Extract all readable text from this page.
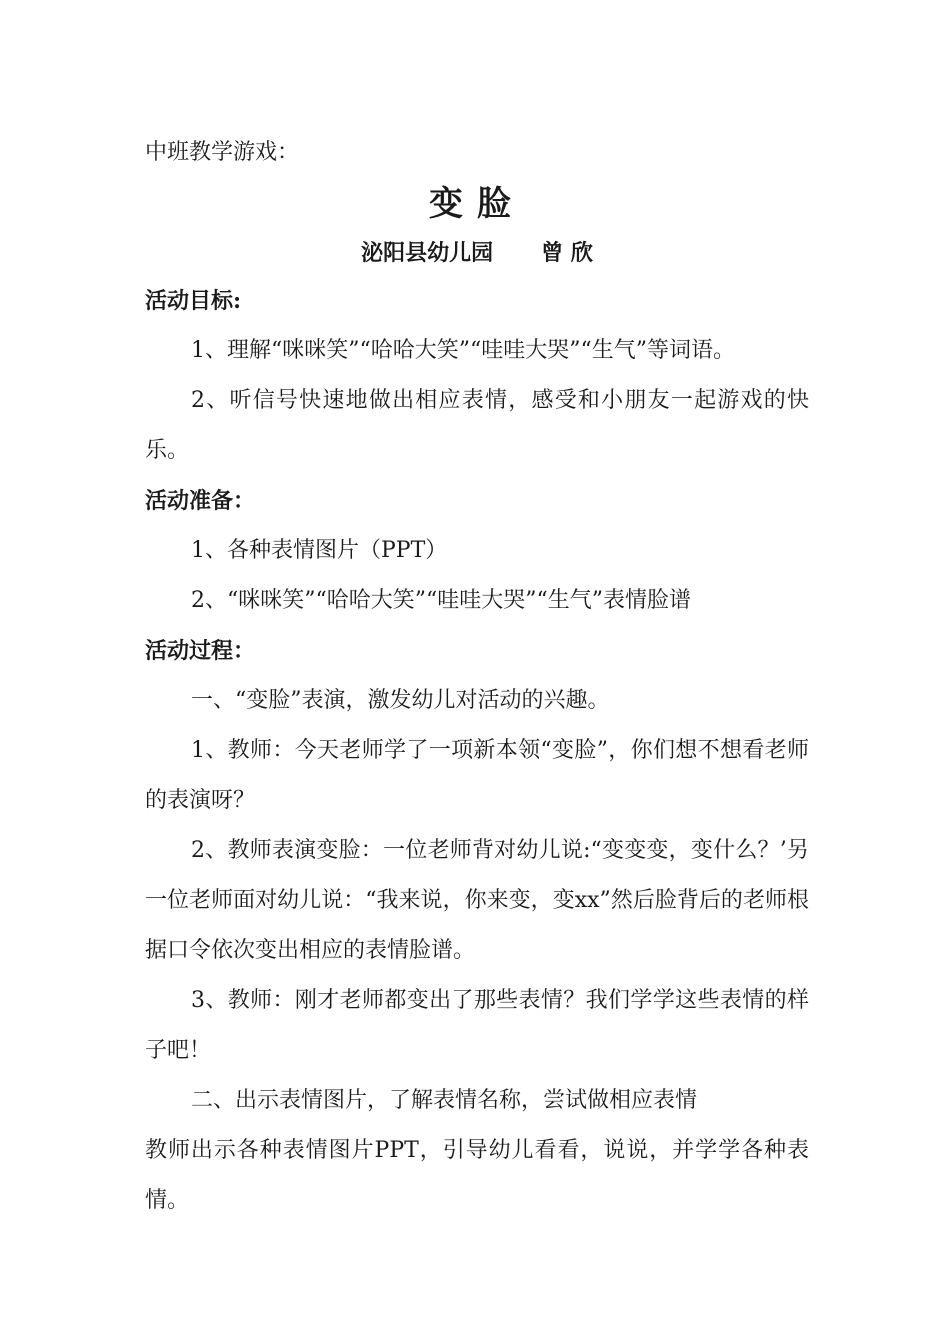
中班教学游戏：
变脸
泌阳县幼儿园 曾 欣
活动目标:
1、理解“咪咪笑”“哈哈大笑”“哇哇大哭”“生气”等词语。
2、听信号快速地做出相应表情，感受和小朋友一起游戏的快乐。
活动准备：
1、各种表情图片（PPT）
2、“咪咪笑”“哈哈大笑”“哇哇大哭”“生气”表情脸谱
活动过程：
一、“变脸”表演，激发幼儿对活动的兴趣。
1、教师：今天老师学了一项新本领“变脸”，你们想不想看老师的表演呀？
2、教师表演变脸：一位老师背对幼儿说:“变变变，变什么？’另一位老师面对幼儿说：“我来说，你来变，变xx”然后脸背后的老师根据口令依次变出相应的表情脸谱。
3、教师：刚才老师都变出了那些表情？我们学学这些表情的样子吧！
二、出示表情图片，了解表情名称，尝试做相应表情
教师出示各种表情图片PPT，引导幼儿看看，说说，并学学各种表情。
